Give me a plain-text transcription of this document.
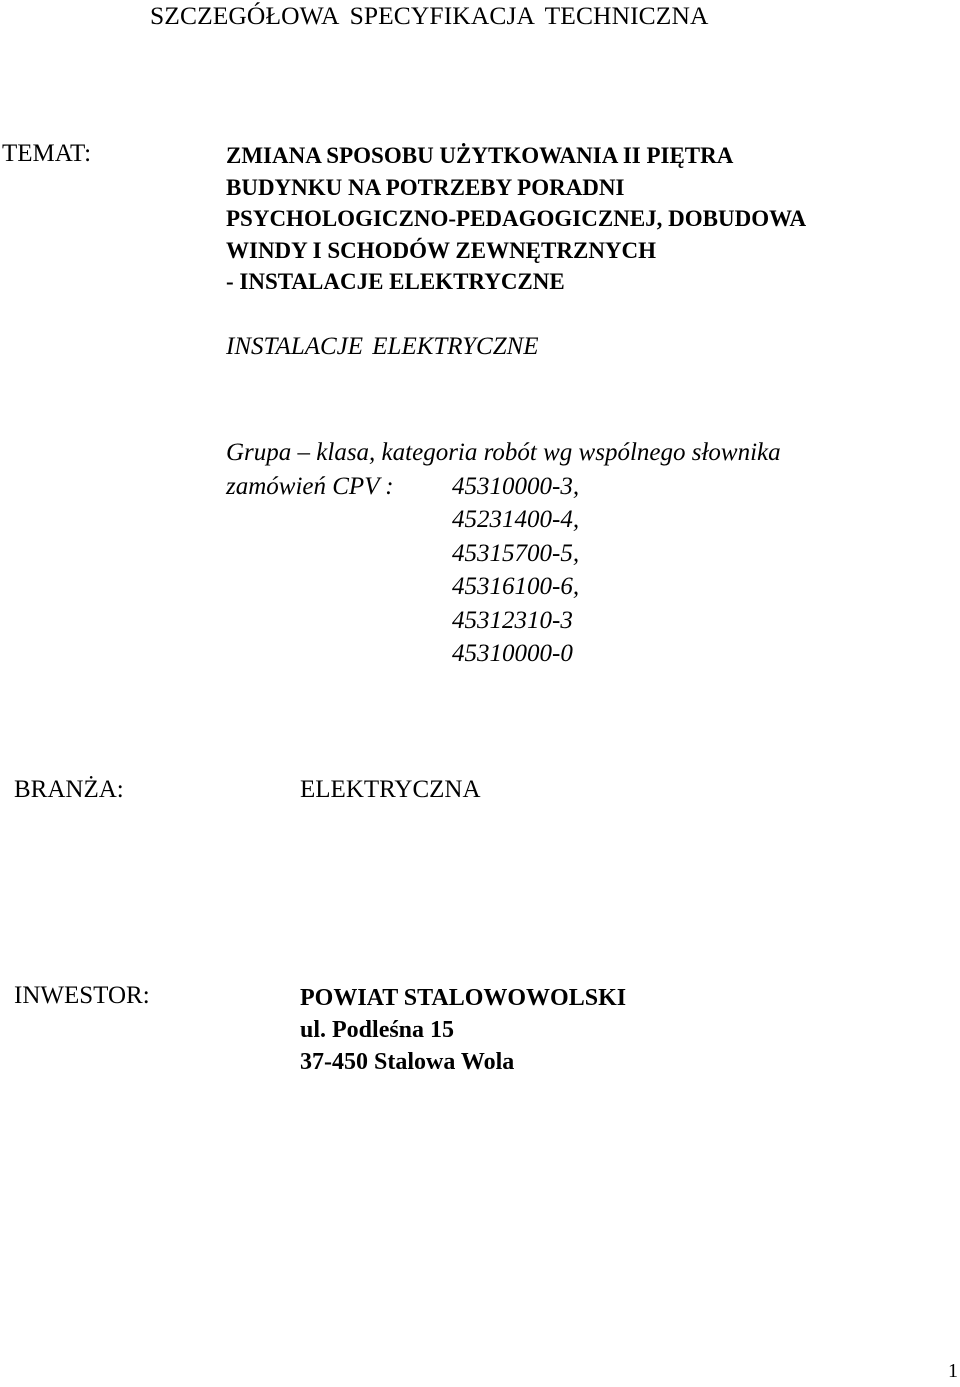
SZCZEGÓŁOWA SPECYFIKACJA TECHNICZNA
TEMAT:	ZMIANA SPOSOBU UŻYTKOWANIA II PIĘTRA
BUDYNKU NA POTRZEBY PORADNI
PSYCHOLOGICZNO-PEDAGOGICZNEJ, DOBUDOWA
WINDY I SCHODÓW ZEWNĘTRZNYCH
- INSTALACJE ELEKTRYCZNE
INSTALACJE ELEKTRYCZNE
Grupa – klasa, kategoria robót wg wspólnego słownika
zamówień CPV :	45310000-3,
45231400-4,
45315700-5,
45316100-6,
45312310-3
45310000-0
BRANŻA:	ELEKTRYCZNA
INWESTOR:	POWIAT STALOWOWOLSKI
ul. Podleśna 15
37-450 Stalowa Wola
1
